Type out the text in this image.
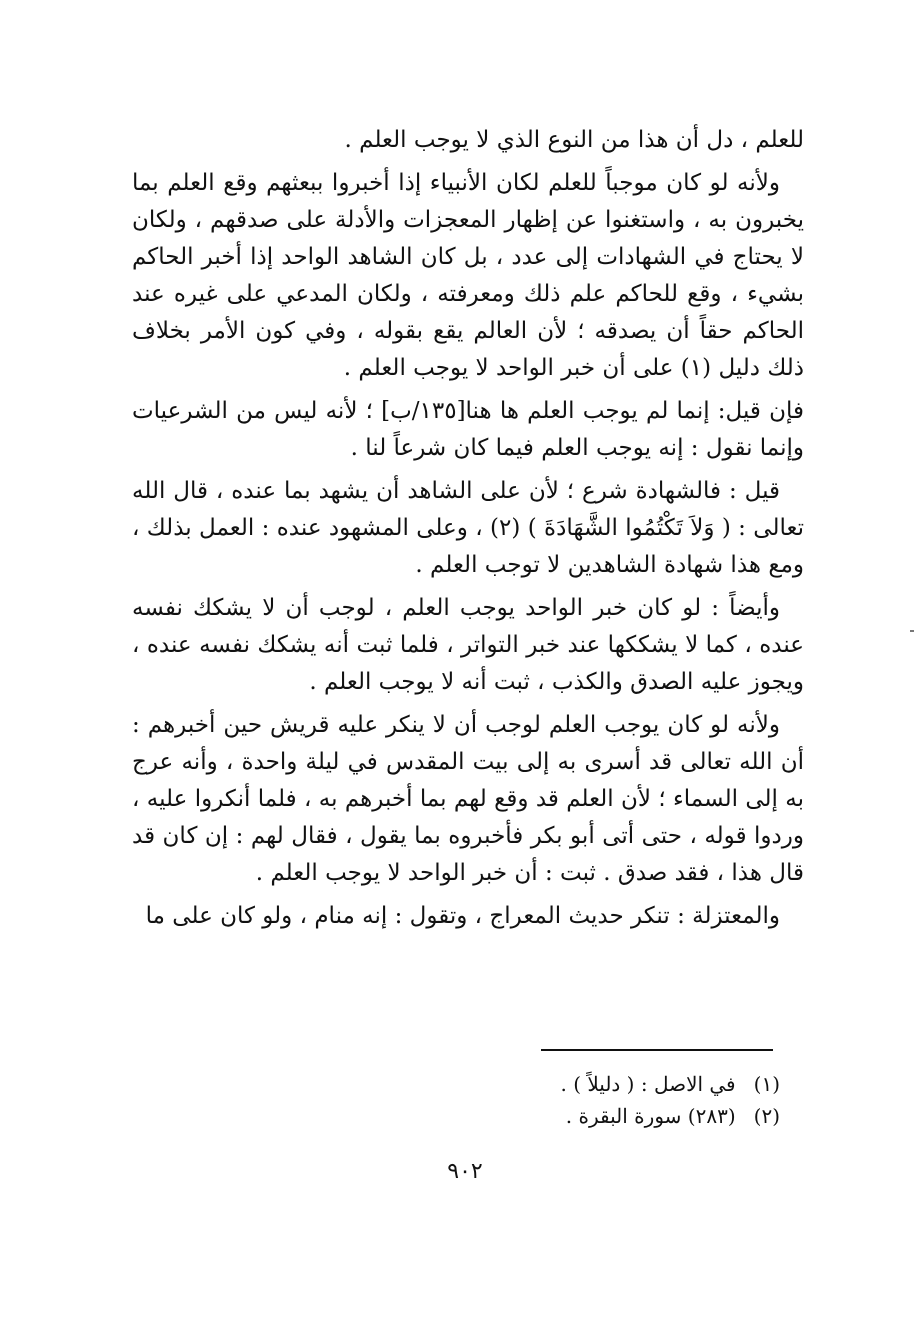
للعلم ، دل أن هذا من النوع الذي لا يوجب العلم .

ولأنه لو كان موجباً للعلم لكان الأنبياء إذا أخبروا ببعثهم وقع العلم بما يخبرون به ، واستغنوا عن إظهار المعجزات والأدلة على صدقهم ، ولكان لا يحتاج في الشهادات إلى عدد ، بل كان الشاهد الواحد إذا أخبر الحاكم بشيء ، وقع للحاكم علم ذلك ومعرفته ، ولكان المدعي على غيره عند الحاكم حقاً أن يصدقه ؛ لأن العالم يقع بقوله ، وفي كون الأمر بخلاف ذلك دليل (١) على أن خبر الواحد لا يوجب العلم .

فإن قيل: إنما لم يوجب العلم ها هنا[١٣٥/ب] ؛ لأنه ليس من الشرعيات وإنما نقول : إنه يوجب العلم فيما كان شرعاً لنا .

قيل : فالشهادة شرع ؛ لأن على الشاهد أن يشهد بما عنده ، قال الله تعالى : ( وَلاَ تَكْتُمُوا الشَّهَادَةَ ) (٢) ، وعلى المشهود عنده : العمل بذلك ، ومع هذا شهادة الشاهدين لا توجب العلم .

وأيضاً : لو كان خبر الواحد يوجب العلم ، لوجب أن لا يشكك نفسه عنده ، كما لا يشككها عند خبر التواتر ، فلما ثبت أنه يشكك نفسه عنده ، ويجوز عليه الصدق والكذب ، ثبت أنه لا يوجب العلم .

ولأنه لو كان يوجب العلم لوجب أن لا ينكر عليه قريش حين أخبرهم : أن الله تعالى قد أسرى به إلى بيت المقدس في ليلة واحدة ، وأنه عرج به إلى السماء ؛ لأن العلم قد وقع لهم بما أخبرهم به ، فلما أنكروا عليه ، وردوا قوله ، حتى أتى أبو بكر فأخبروه بما يقول ، فقال لهم : إن كان قد قال هذا ، فقد صدق . ثبت : أن خبر الواحد لا يوجب العلم .

والمعتزلة : تنكر حديث المعراج ، وتقول : إنه منام ، ولو كان على ما

(١)في الاصل : ( دليلاً ) .
(٢)(٢٨٣) سورة البقرة .
٩٠٢
